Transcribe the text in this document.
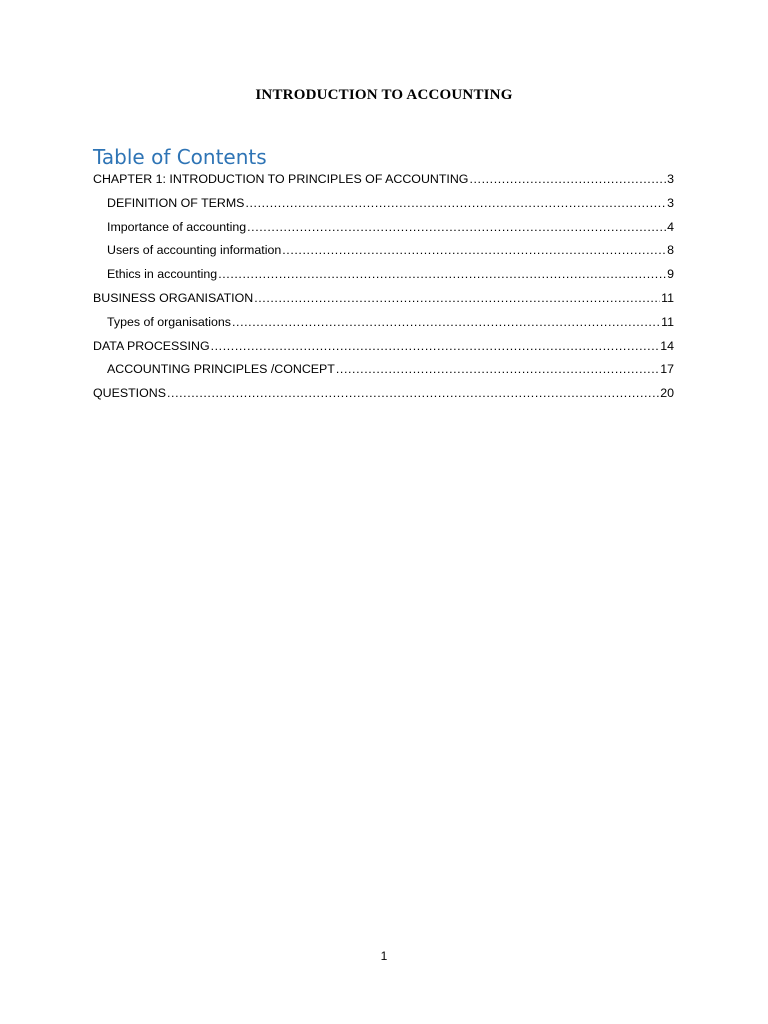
INTRODUCTION TO ACCOUNTING
Table of Contents
CHAPTER 1: INTRODUCTION TO PRINCIPLES OF ACCOUNTING .....	3
DEFINITION OF TERMS .....	3
Importance of accounting .....	4
Users of accounting information .....	8
Ethics in accounting .....	9
BUSINESS ORGANISATION .....	11
Types of organisations .....	11
DATA PROCESSING .....	14
ACCOUNTING PRINCIPLES /CONCEPT .....	17
QUESTIONS .....	20
1
